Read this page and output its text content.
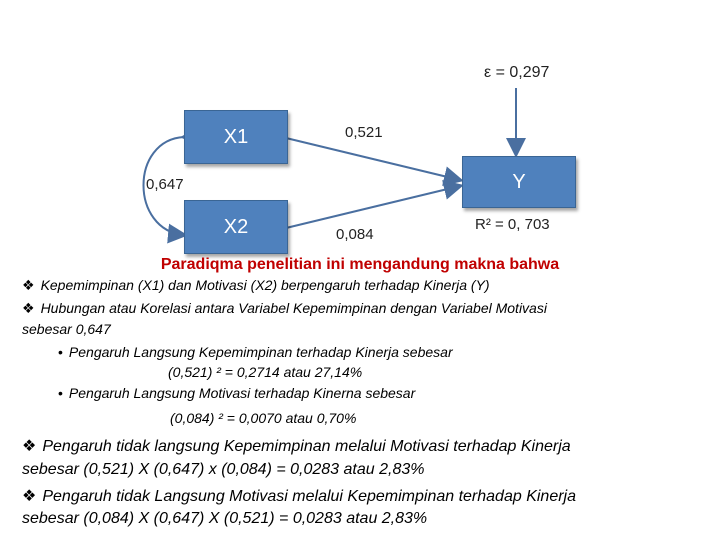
ε = 0,297
X1
X2
Y
0,521
0,084
0,647
R² = 0, 703
Paradiqma penelitian ini mengandung makna bahwa
❖ Kepemimpinan (X1) dan Motivasi (X2) berpengaruh terhadap Kinerja (Y)
❖ Hubungan atau Korelasi antara Variabel Kepemimpinan dengan Variabel Motivasi
sebesar 0,647
• Pengaruh Langsung Kepemimpinan terhadap Kinerja sebesar
(0,521) ² = 0,2714 atau 27,14%
• Pengaruh Langsung Motivasi terhadap Kinerna sebesar
(0,084) ² = 0,0070 atau 0,70%
❖ Pengaruh tidak langsung Kepemimpinan melalui Motivasi terhadap Kinerja
sebesar (0,521) X (0,647) x (0,084) = 0,0283 atau 2,83%
❖ Pengaruh tidak Langsung Motivasi melalui Kepemimpinan terhadap Kinerja
sebesar (0,084) X (0,647) X (0,521) = 0,0283 atau 2,83%
